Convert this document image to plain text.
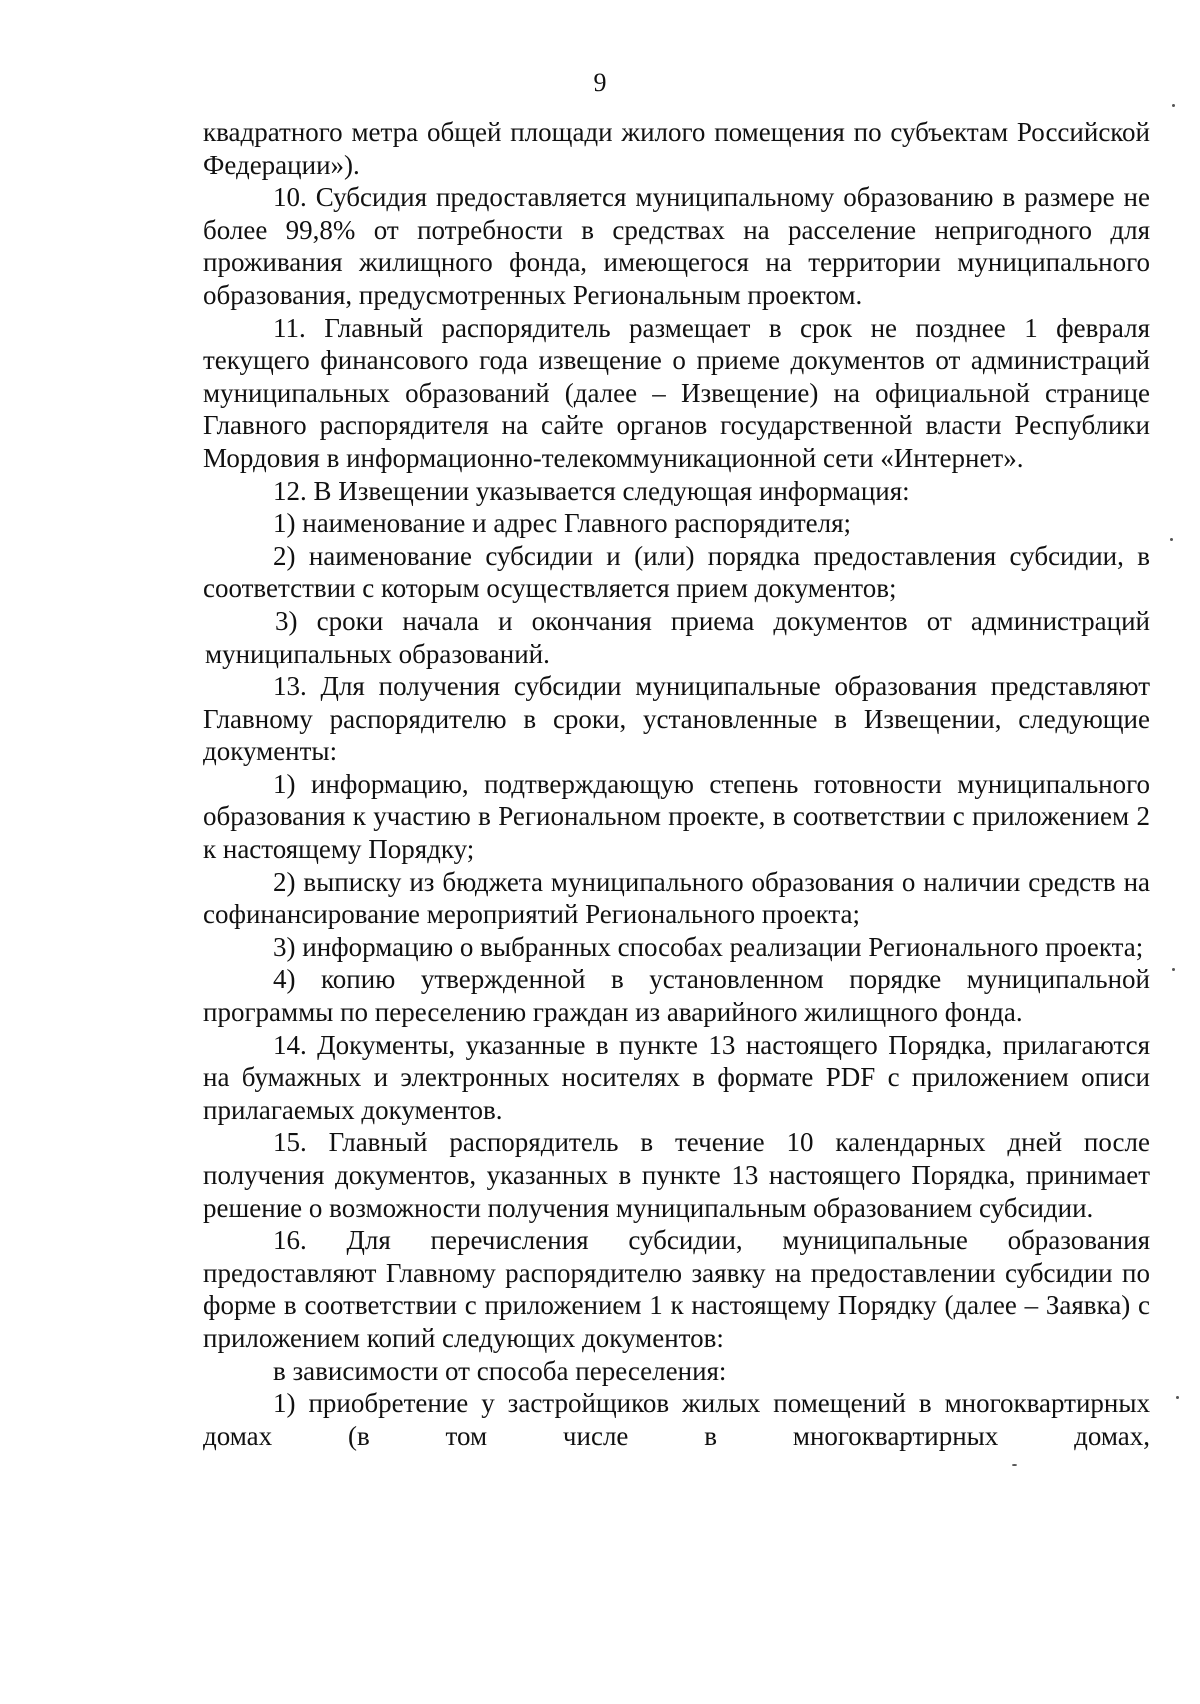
9

квадратного метра общей площади жилого помещения по субъектам Российской Федерации»).

10. Субсидия предоставляется муниципальному образованию в размере не более 99,8% от потребности в средствах на расселение непригодного для проживания жилищного фонда, имеющегося на территории муниципального образования, предусмотренных Региональным проектом.

11. Главный распорядитель размещает в срок не позднее 1 февраля текущего финансового года извещение о приеме документов от администраций муниципальных образований (далее – Извещение) на официальной странице Главного распорядителя на сайте органов государственной власти Республики Мордовия в информационно-телекоммуникационной сети «Интернет».

12. В Извещении указывается следующая информация:

1) наименование и адрес Главного распорядителя;

2) наименование субсидии и (или) порядка предоставления субсидии, в соответствии с которым осуществляется прием документов;

3) сроки начала и окончания приема документов от администраций муниципальных образований.

13. Для получения субсидии муниципальные образования представляют Главному распорядителю в сроки, установленные в Извещении, следующие документы:

1) информацию, подтверждающую степень готовности муниципального образования к участию в Региональном проекте, в соответствии с приложением 2 к настоящему Порядку;

2) выписку из бюджета муниципального образования о наличии средств на софинансирование мероприятий Регионального проекта;

3) информацию о выбранных способах реализации Регионального проекта;

4) копию утвержденной в установленном порядке муниципальной программы по переселению граждан из аварийного жилищного фонда.

14. Документы, указанные в пункте 13 настоящего Порядка, прилагаются на бумажных и электронных носителях в формате PDF с приложением описи прилагаемых документов.

15. Главный распорядитель в течение 10 календарных дней после получения документов, указанных в пункте 13 настоящего Порядка, принимает решение о возможности получения муниципальным образованием субсидии.

16. Для перечисления субсидии, муниципальные образования предоставляют Главному распорядителю заявку на предоставлении субсидии по форме в соответствии с приложением 1 к настоящему Порядку (далее – Заявка) с приложением копий следующих документов:

в зависимости от способа переселения:

1) приобретение у застройщиков жилых помещений в многоквартирных домах (в том числе в многоквартирных домах,
